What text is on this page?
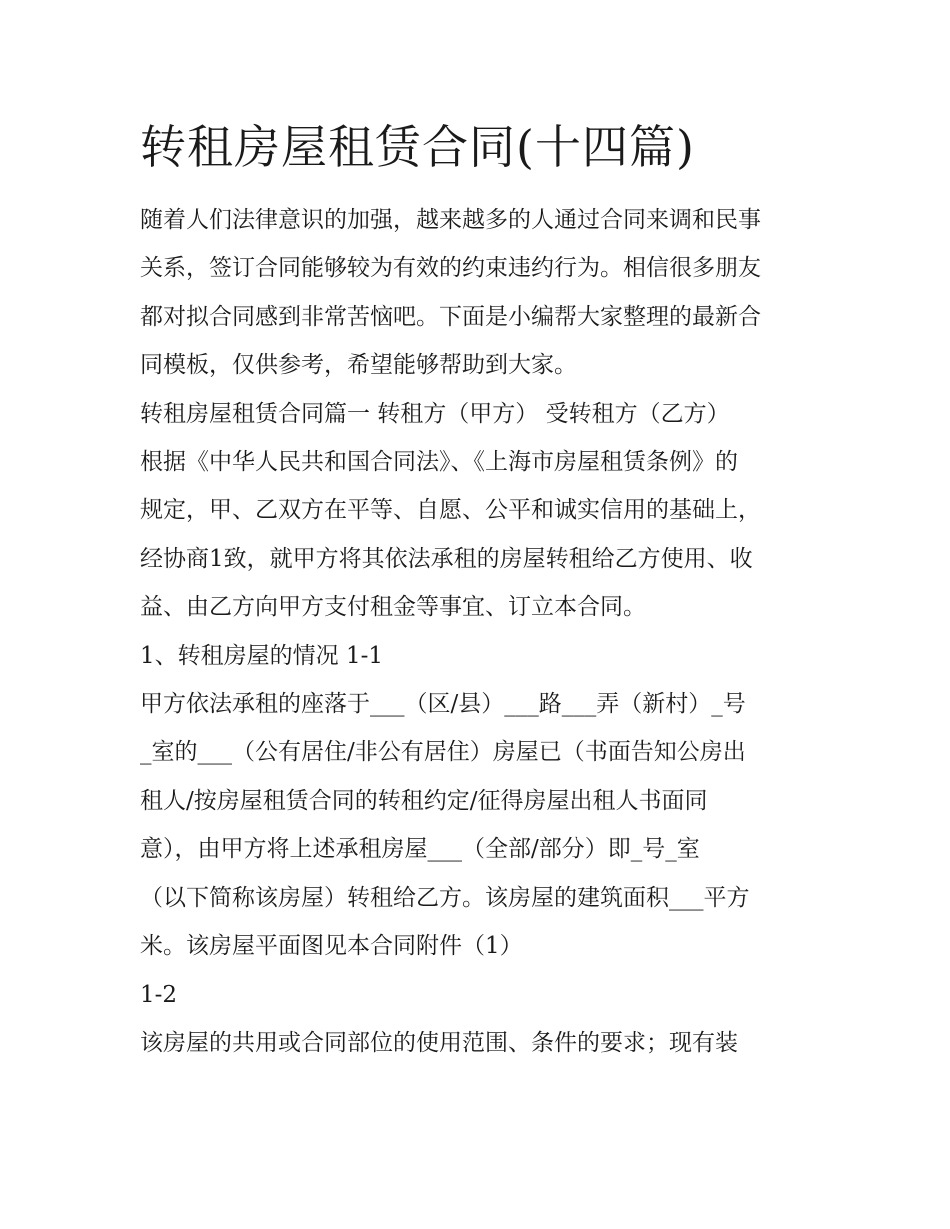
转租房屋租赁合同(十四篇)

随着人们法律意识的加强，越来越多的人通过合同来调和民事

关系，签订合同能够较为有效的约束违约行为。相信很多朋友

都对拟合同感到非常苦恼吧。下面是小编帮大家整理的最新合

同模板，仅供参考，希望能够帮助到大家。

转租房屋租赁合同篇一 转租方（甲方） 受转租方（乙方）

根据《中华人民共和国合同法》、《上海市房屋租赁条例》的

规定，甲、乙双方在平等、自愿、公平和诚实信用的基础上，

经协商1致，就甲方将其依法承租的房屋转租给乙方使用、收

益、由乙方向甲方支付租金等事宜、订立本合同。

1、转租房屋的情况 1-1

甲方依法承租的座落于___（区/县）___路___弄（新村）_号

_室的___（公有居住/非公有居住）房屋已（书面告知公房出

租人/按房屋租赁合同的转租约定/征得房屋出租人书面同

意），由甲方将上述承租房屋___（全部/部分）即_号_室

（以下简称该房屋）转租给乙方。该房屋的建筑面积___平方

米。该房屋平面图见本合同附件（1）

1-2

该房屋的共用或合同部位的使用范围、条件的要求；现有装
